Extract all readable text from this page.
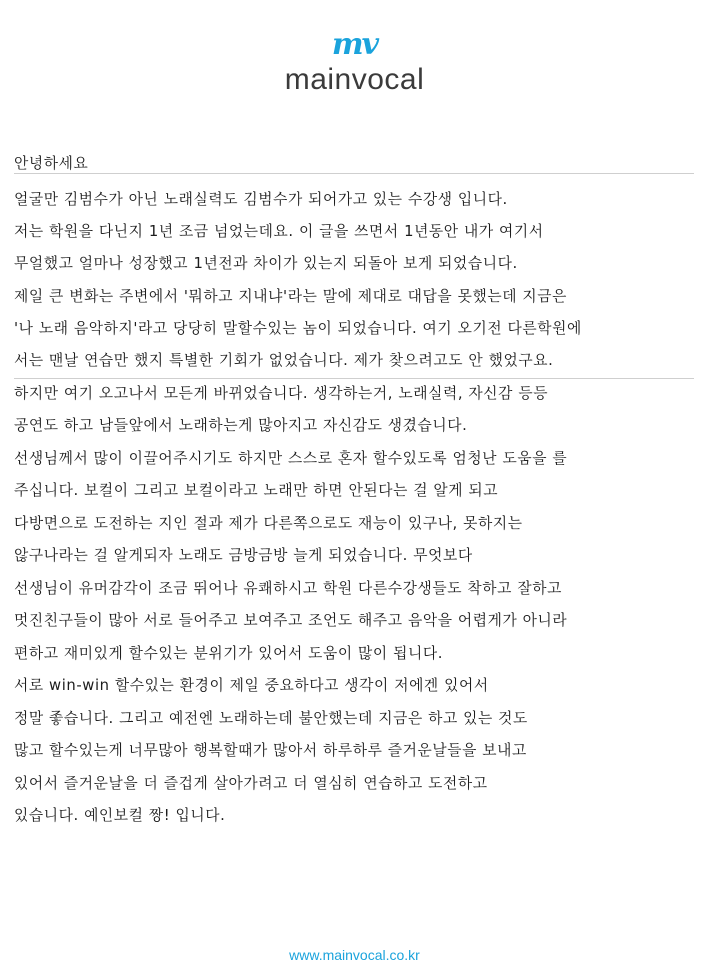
mv
mainvocal
안녕하세요
얼굴만 김범수가 아닌 노래실력도 김범수가 되어가고 있는 수강생 입니다.
저는 학원을 다닌지 1년 조금 넘었는데요. 이 글을 쓰면서 1년동안 내가 여기서
무얼했고 얼마나 성장했고 1년전과 차이가 있는지 되돌아 보게 되었습니다.
제일 큰 변화는 주변에서 '뭐하고 지내냐'라는 말에 제대로 대답을 못했는데 지금은
'나 노래 음악하지'라고 당당히 말할수있는 놈이 되었습니다. 여기 오기전 다른학원에
서는 맨날 연습만 했지 특별한 기회가 없었습니다. 제가 찾으려고도 안 했었구요.
하지만 여기 오고나서 모든게 바뀌었습니다. 생각하는거, 노래실력, 자신감 등등
공연도 하고 남들앞에서 노래하는게 많아지고 자신감도 생겼습니다.
선생님께서 많이 이끌어주시기도 하지만 스스로 혼자 할수있도록 엄청난 도움을 를
주십니다. 보컬이 그리고 보컬이라고 노래만 하면 안된다는 걸 알게 되고
다방면으로 도전하는 지인 절과 제가 다른쪽으로도 재능이 있구나, 못하지는
않구나라는 걸 알게되자 노래도 금방금방 늘게 되었습니다. 무엇보다
선생님이 유머감각이 조금 뛰어나 유쾌하시고 학원 다른수강생들도 착하고 잘하고
멋진친구들이 많아 서로 들어주고 보여주고 조언도 해주고 음악을 어렵게가 아니라
편하고 재미있게 할수있는 분위기가 있어서 도움이 많이 됩니다.
서로 win-win 할수있는 환경이 제일 중요하다고 생각이 저에겐 있어서
정말 좋습니다. 그리고 예전엔 노래하는데 불안했는데 지금은 하고 있는 것도
많고 할수있는게 너무많아 행복할때가 많아서 하루하루 즐거운날들을 보내고
있어서 즐거운날을 더 즐겁게 살아가려고 더 열심히 연습하고 도전하고
있습니다. 예인보컬 짱! 입니다.
www.mainvocal.co.kr
